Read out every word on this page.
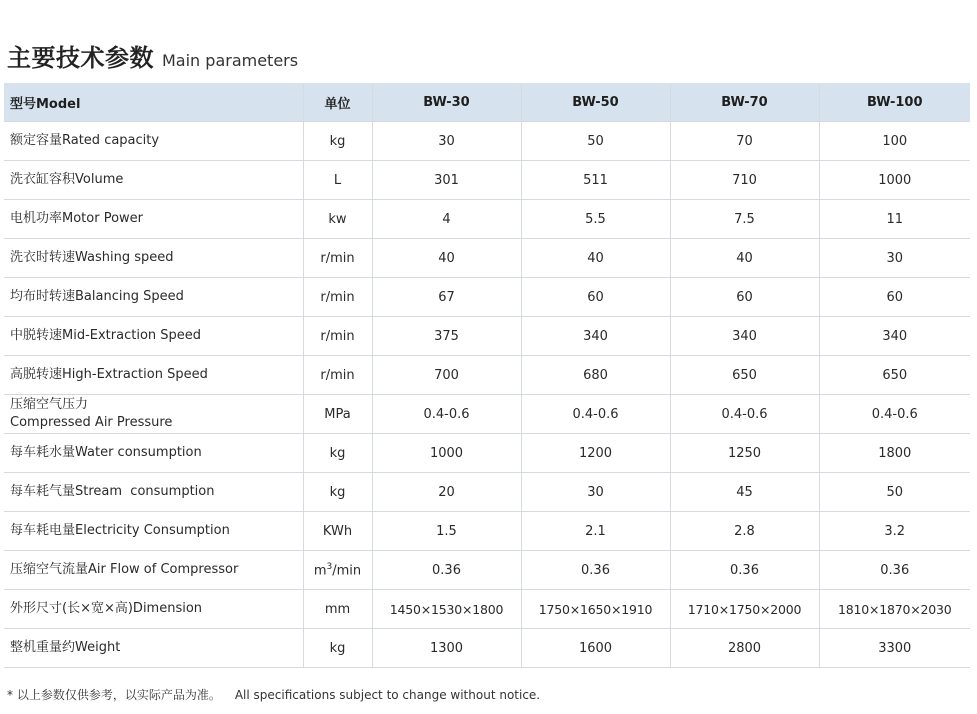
主要技术参数 Main parameters
型号Model	单位	BW-30	BW-50	BW-70	BW-100
额定容量Rated capacity	kg	30	50	70	100
洗衣缸容积Volume	L	301	511	710	1000
电机功率Motor Power	kw	4	5.5	7.5	11
洗衣时转速Washing speed	r/min	40	40	40	30
均布时转速Balancing Speed	r/min	67	60	60	60
中脱转速Mid-Extraction Speed	r/min	375	340	340	340
高脱转速High-Extraction Speed	r/min	700	680	650	650

压缩空气压力
Compressed Air Pressure	MPa	0.4-0.6	0.4-0.6	0.4-0.6	0.4-0.6
每车耗水量Water consumption	kg	1000	1200	1250	1800
每车耗气量Stream  consumption	kg	20	30	45	50
每车耗电量Electricity Consumption	KWh	1.5	2.1	2.8	3.2
压缩空气流量Air Flow of Compressor	$m^3/\min$	0.36	0.36	0.36	0.36
外形尺寸(长×宽×高)Dimension	mm	1450×1530×1800	1750×1650×1910	1710×1750×2000	1810×1870×2030
整机重量约Weight	kg	1300	1600	2800	3300
* 以上参数仅供参考，以实际产品为准。 All specifications subject to change without notice.
